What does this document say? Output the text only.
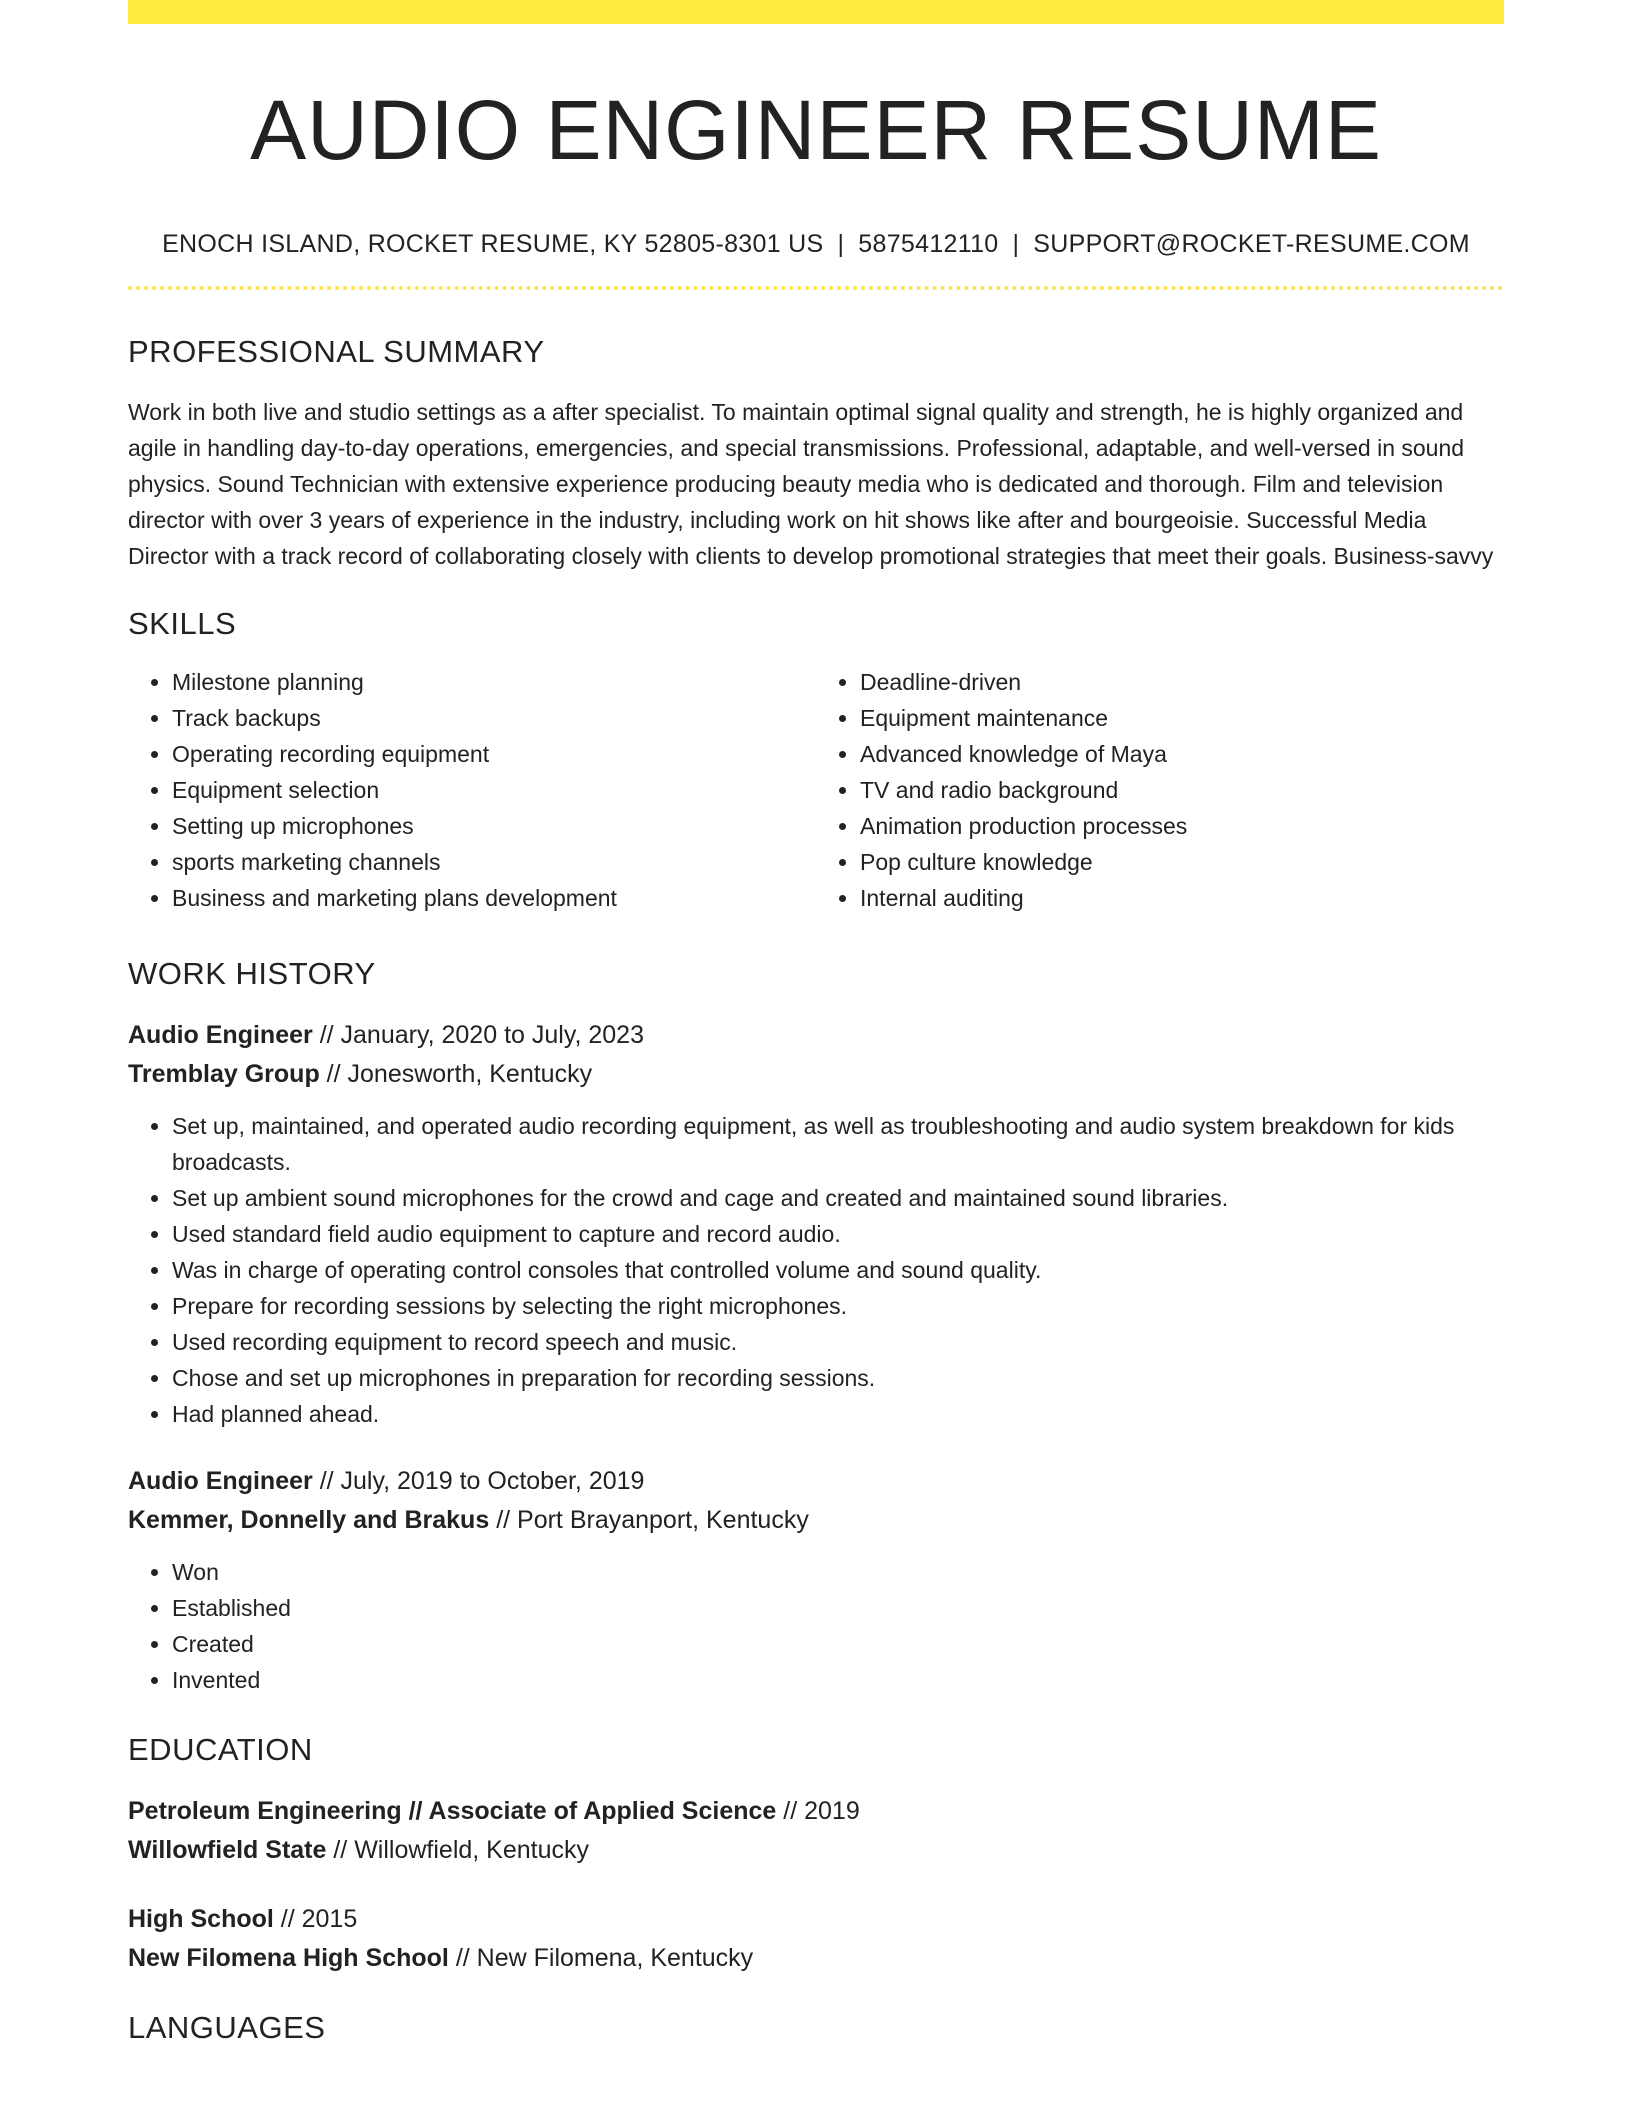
AUDIO ENGINEER RESUME
ENOCH ISLAND, ROCKET RESUME, KY 52805-8301 US | 5875412110 | SUPPORT@ROCKET-RESUME.COM
PROFESSIONAL SUMMARY

Work in both live and studio settings as a after specialist. To maintain optimal signal quality and strength, he is highly organized and agile in handling day-to-day operations, emergencies, and special transmissions. Professional, adaptable, and well-versed in sound physics. Sound Technician with extensive experience producing beauty media who is dedicated and thorough. Film and television director with over 3 years of experience in the industry, including work on hit shows like after and bourgeoisie. Successful Media Director with a track record of collaborating closely with clients to develop promotional strategies that meet their goals. Business-savvy

SKILLS
• Milestone planning
• Track backups
• Operating recording equipment
• Equipment selection
• Setting up microphones
• sports marketing channels
• Business and marketing plans development
• Deadline-driven
• Equipment maintenance
• Advanced knowledge of Maya
• TV and radio background
• Animation production processes
• Pop culture knowledge
• Internal auditing
WORK HISTORY
Audio Engineer // January, 2020 to July, 2023
Tremblay Group // Jonesworth, Kentucky
• Set up, maintained, and operated audio recording equipment, as well as troubleshooting and audio system breakdown for kids broadcasts.
• Set up ambient sound microphones for the crowd and cage and created and maintained sound libraries.
• Used standard field audio equipment to capture and record audio.
• Was in charge of operating control consoles that controlled volume and sound quality.
• Prepare for recording sessions by selecting the right microphones.
• Used recording equipment to record speech and music.
• Chose and set up microphones in preparation for recording sessions.
• Had planned ahead.
Audio Engineer // July, 2019 to October, 2019
Kemmer, Donnelly and Brakus // Port Brayanport, Kentucky
• Won
• Established
• Created
• Invented
EDUCATION
Petroleum Engineering // Associate of Applied Science // 2019
Willowfield State // Willowfield, Kentucky
High School // 2015
New Filomena High School // New Filomena, Kentucky
LANGUAGES
